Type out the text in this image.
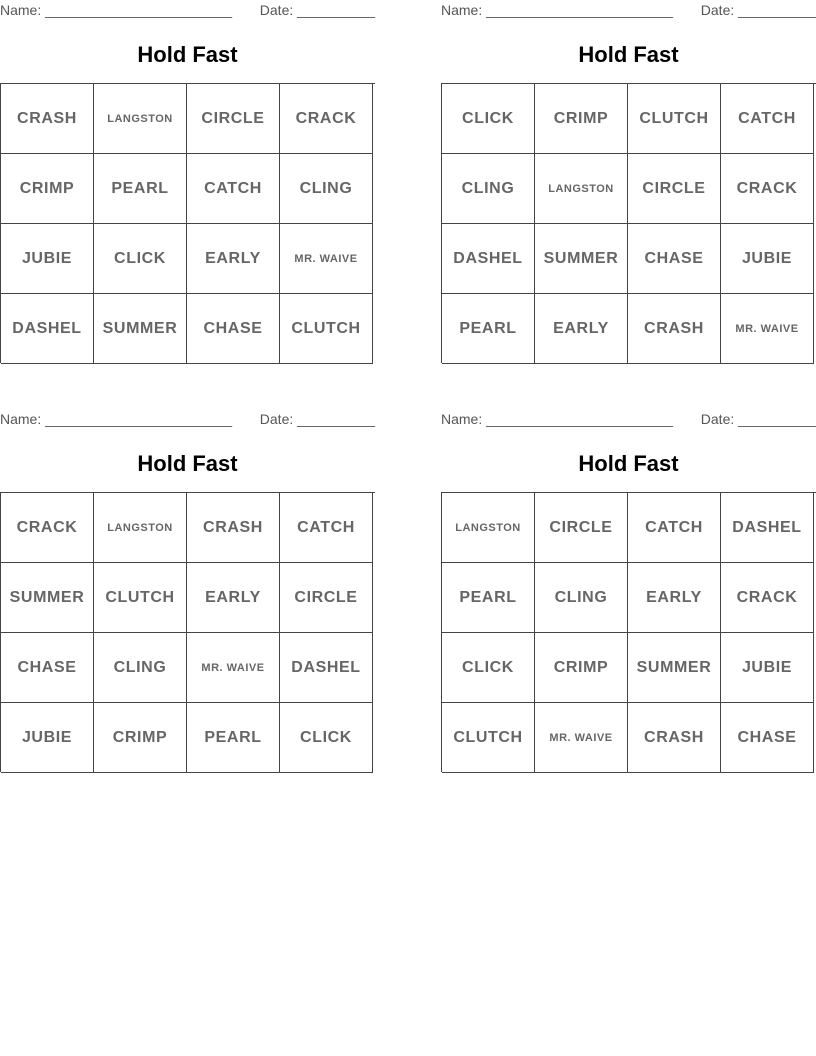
Name: ________________________ Date: __________
Hold Fast
CRASH	LANGSTON	CIRCLE	CRACK
CRIMP	PEARL	CATCH	CLING
JUBIE	CLICK	EARLY	MR. WAIVE
DASHEL	SUMMER	CHASE	CLUTCH
Name: ________________________ Date: __________
Hold Fast
CLICK	CRIMP	CLUTCH	CATCH
CLING	LANGSTON	CIRCLE	CRACK
DASHEL	SUMMER	CHASE	JUBIE
PEARL	EARLY	CRASH	MR. WAIVE
Name: ________________________ Date: __________
Hold Fast
CRACK	LANGSTON	CRASH	CATCH
SUMMER	CLUTCH	EARLY	CIRCLE
CHASE	CLING	MR. WAIVE	DASHEL
JUBIE	CRIMP	PEARL	CLICK
Name: ________________________ Date: __________
Hold Fast
LANGSTON	CIRCLE	CATCH	DASHEL
PEARL	CLING	EARLY	CRACK
CLICK	CRIMP	SUMMER	JUBIE
CLUTCH	MR. WAIVE	CRASH	CHASE
